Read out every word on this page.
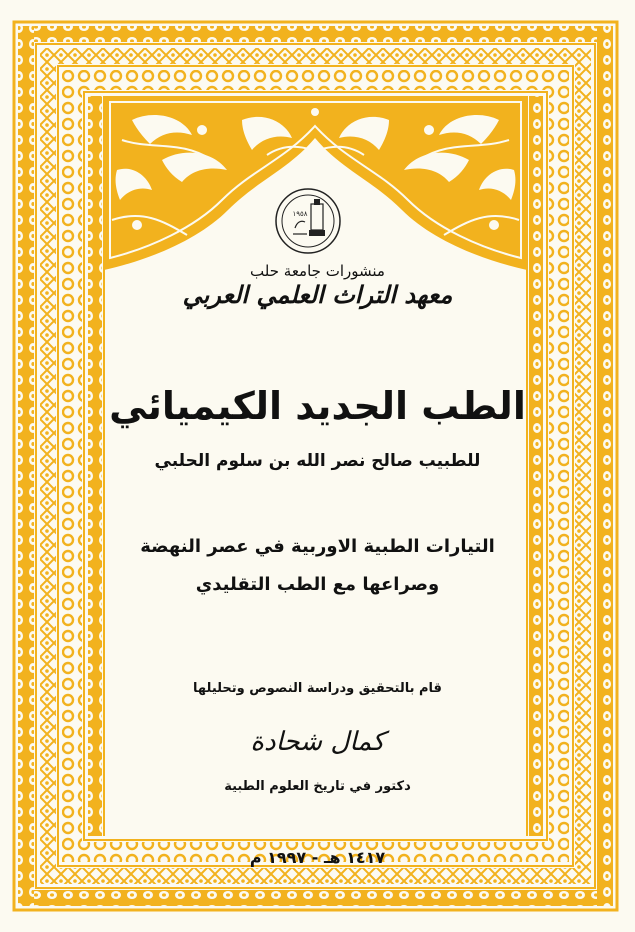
١٩٥٨
منشورات جامعة حلب
معهد التراث العلمي العربي
الطب الجديد الكيميائي
للطبيب صالح نصر الله بن سلوم الحلبي
التيارات الطبية الاوربية في عصر النهضة
وصراعها مع الطب التقليدي
قام بالتحقيق ودراسة النصوص وتحليلها
كمال شحادة
دكتور في تاريخ العلوم الطبية
١٤١٧ هـ - ١٩٩٧ م
